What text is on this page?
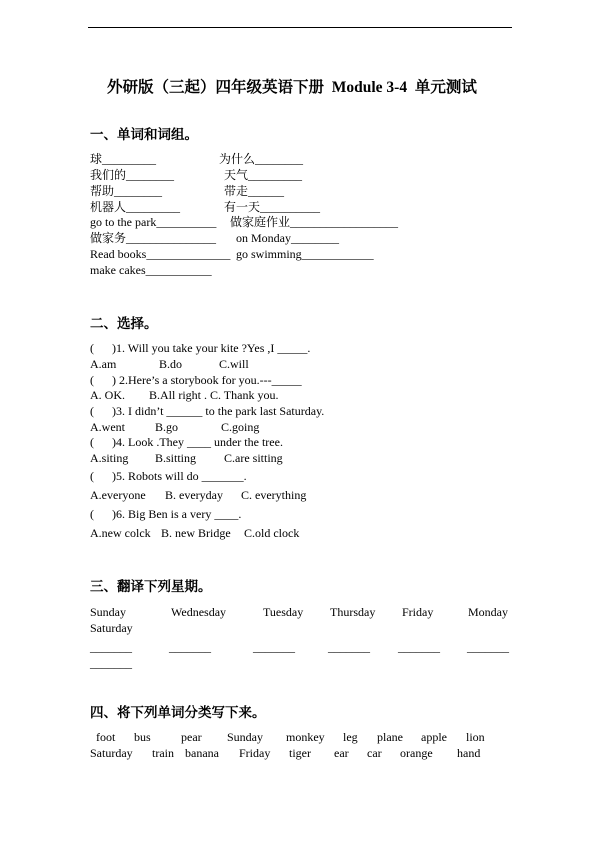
外研版（三起）四年级英语下册  Module 3-4  单元测试
一、单词和词组。
球_________	为什么________
我们的________	天气_________
帮助________	带走______
机器人_________	有一天__________
go to the park__________ 做家庭作业__________________
做家务_______________ on Monday________
Read books______________ go swimming____________
make cakes___________
二、选择。
(      )1. Will you take your kite ?Yes ,I _____.
A.am	B.do	C.will
(      ) 2.Here’s a storybook for you.---_____
A. OK. B.All right . C. Thank you.
(      )3. I didn’t ______ to the park last Saturday.
A.went	B.go	C.going
(      )4. Look .They ____ under the tree.
A.siting B.sitting C.are sitting
(      )5. Robots will do _______.
A.everyone B. everyday C. everything
(      )6. Big Ben is a very ____.
A.new colck B. new Bridge C.old clock
三、翻译下列星期。
Sunday	Wednesday	Tuesday Thursday Friday	Monday
Saturday
_______	_______	_______	_______ _______ _______
_______
四、将下列单词分类写下来。
foot bus	pear Sunday monkey leg plane apple lion
Saturday train banana Friday tiger ear car orange hand
